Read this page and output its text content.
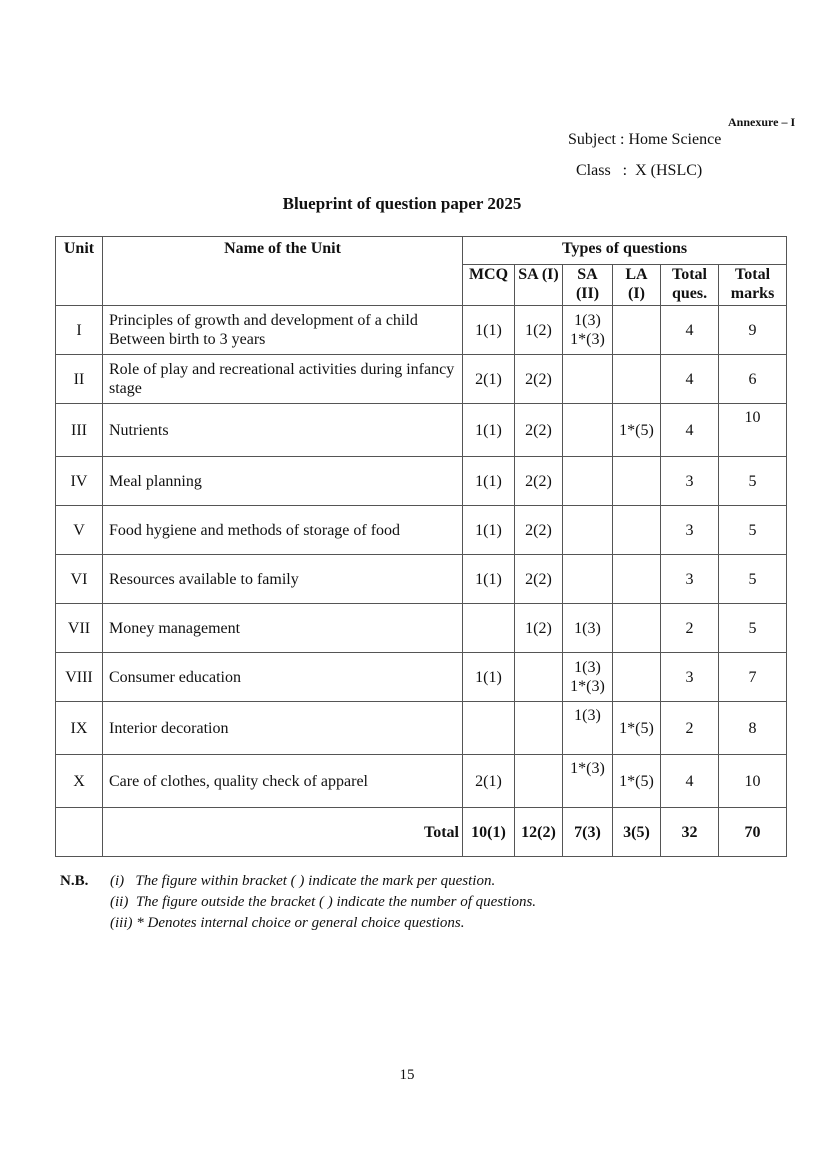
Annexure – I
Subject : Home Science
Class   :  X (HSLC)
Blueprint of question paper 2025
Unit	Name of the Unit	Types of questions					
		MCQ	SA (I)	SA (II)	LA (I)	Total ques.	Total marks
I	Principles of growth and development of a child Between birth to 3 years	1(1)	1(2)	1(3) 1*(3)		4	9
II	Role of play and recreational activities during infancy stage	2(1)	2(2)			4	6
III	Nutrients	1(1)	2(2)		1*(5)	4	10
IV	Meal planning	1(1)	2(2)			3	5
V	Food hygiene and methods of storage of food	1(1)	2(2)			3	5
VI	Resources available to family	1(1)	2(2)			3	5
VII	Money management		1(2)	1(3)		2	5
VIII	Consumer education	1(1)		1(3) 1*(3)		3	7
IX	Interior decoration			1(3)	1*(5)	2	8
X	Care of clothes, quality check of apparel	2(1)		1*(3)	1*(5)	4	10
	Total	10(1)	12(2)	7(3)	3(5)	32	70
N.B. (i)   The figure within bracket ( ) indicate the mark per question.
(ii)  The figure outside the bracket ( ) indicate the number of questions.
(iii) * Denotes internal choice or general choice questions.
15
